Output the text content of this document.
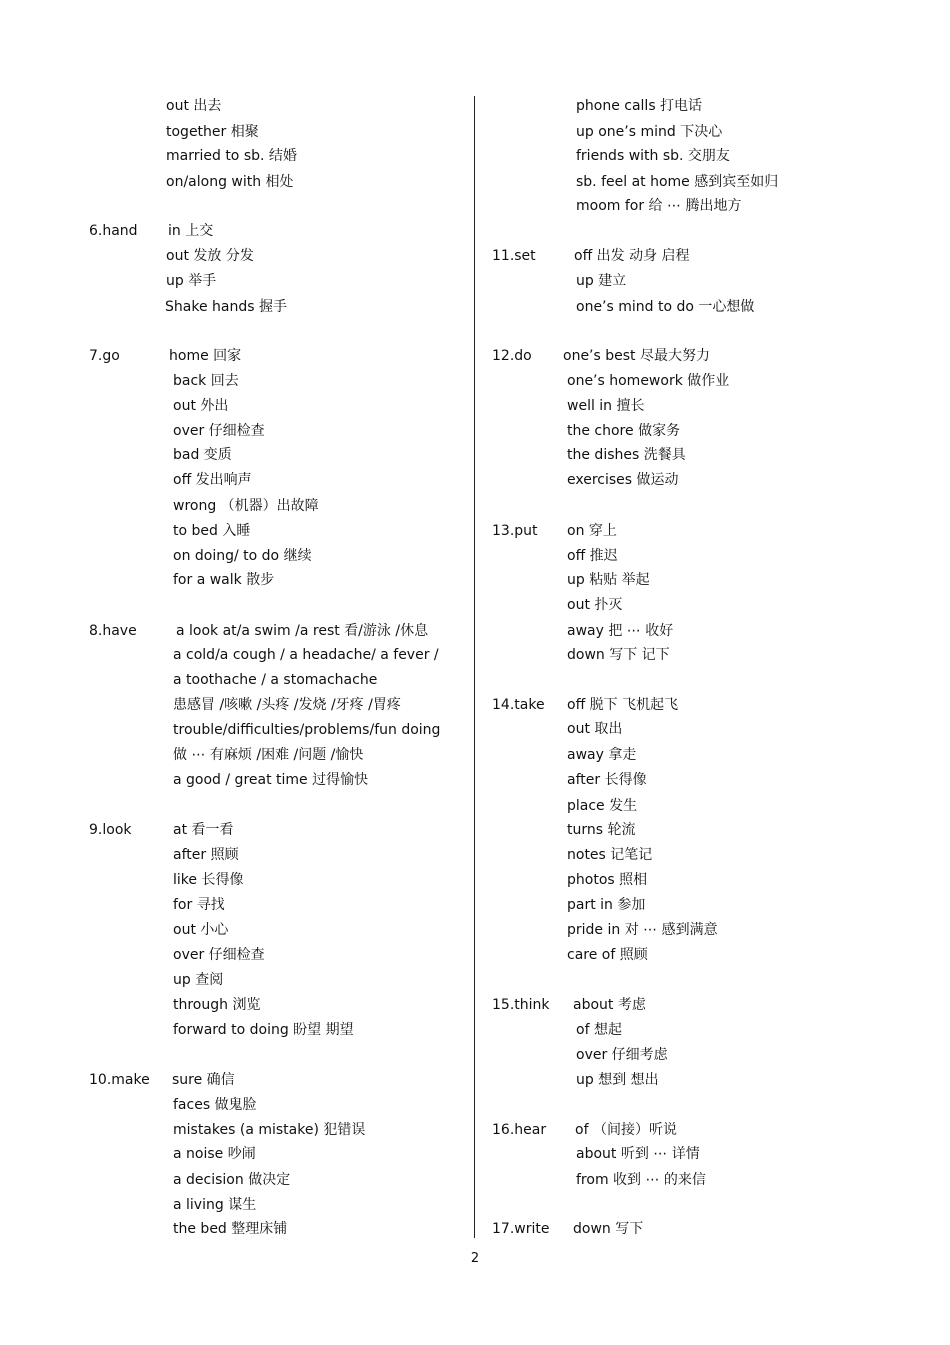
out 出去
together 相聚
married to sb. 结婚
on/along with 相处
6.hand in 上交
out 发放 分发
up 举手
Shake hands 握手
7.go	home 回家
back 回去
out 外出
over 仔细检查
bad 变质
off 发出响声
wrong （机器）出故障
to bed 入睡
on doing/ to do 继续
for a walk 散步
8.have	a look at/a swim /a rest 看/游泳 /休息
a cold/a cough / a headache/ a fever /
a toothache / a stomachache
患感冒 /咳嗽 /头疼 /发烧 /牙疼 /胃疼
trouble/difficulties/problems/fun doing
做 ⋯ 有麻烦 /困难 /问题 /愉快
a good / great time 过得愉快
9.look	at 看一看
after 照顾
like 长得像
for 寻找
out 小心
over 仔细检查
up 查阅
through 浏览
forward to doing 盼望 期望
10.make sure 确信
faces 做鬼脸
mistakes (a mistake) 犯错误
a noise 吵闹
a decision 做决定
a living 谋生
the bed 整理床铺
phone calls 打电话
up one’s mind 下决心
friends with sb. 交朋友
sb. feel at home 感到宾至如归
moom for 给 ⋯ 腾出地方
11.set	off 出发 动身 启程
up 建立
one’s mind to do 一心想做
12.do one’s best 尽最大努力
one’s homework 做作业
well in 擅长
the chore 做家务
the dishes 洗餐具
exercises 做运动
13.put on 穿上
off 推迟
up 粘贴 举起
out 扑灭
away 把 ⋯ 收好
down 写下 记下
14.take off 脱下 飞机起飞
out 取出
away 拿走
after 长得像
place 发生
turns 轮流
notes 记笔记
photos 照相
part in 参加
pride in 对 ⋯ 感到满意
care of 照顾
15.think about 考虑
of 想起
over 仔细考虑
up 想到 想出
16.hear of （间接）听说
about 听到 ⋯ 详情
from 收到 ⋯ 的来信
17.write down 写下
2
